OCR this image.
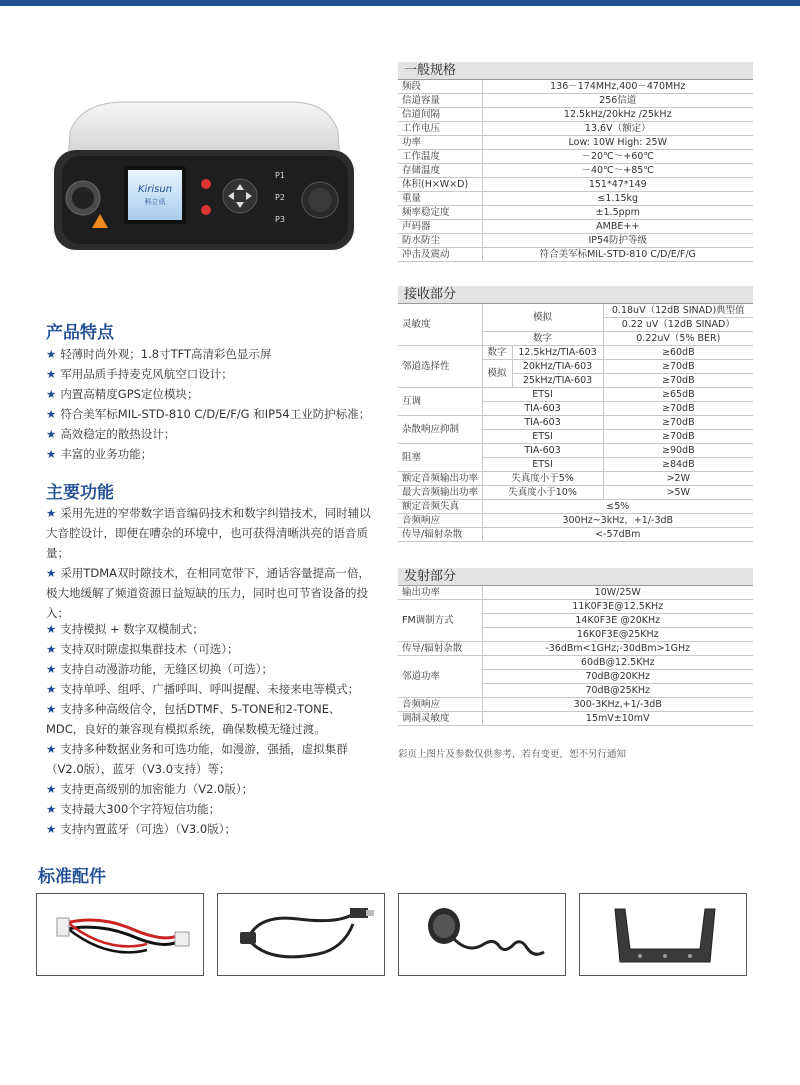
Kirisun
科立讯
P1
P2
P3
产品特点
★ 轻薄时尚外观；1.8寸TFT高清彩色显示屏
★ 军用品质手持麦克风航空口设计；
★ 内置高精度GPS定位模块；
★ 符合美军标MIL-STD-810 C/D/E/F/G 和IP54工业防护标准；
★ 高效稳定的散热设计；
★ 丰富的业务功能；
主要功能
★ 采用先进的窄带数字语音编码技术和数字纠错技术，同时辅以大音腔设计，即便在嘈杂的环境中，也可获得清晰洪亮的语音质量；
★ 采用TDMA双时隙技术，在相同宽带下，通话容量提高一倍，极大地缓解了频道资源日益短缺的压力，同时也可节省设备的投入；
★ 支持模拟 + 数字双模制式；
★ 支持双时隙虚拟集群技术（可选）；
★ 支持自动漫游功能，无缝区切换（可选）；
★ 支持单呼、组呼、广播呼叫、呼叫提醒、未接来电等模式；
★ 支持多种高级信令，包括DTMF、5-TONE和2-TONE、MDC，良好的兼容现有模拟系统，确保数模无缝过渡。
★ 支持多种数据业务和可选功能，如漫游，强插，虚拟集群（V2.0版），蓝牙（V3.0支持）等；
★ 支持更高级别的加密能力（V2.0版）；
★ 支持最大300个字符短信功能；
★ 支持内置蓝牙（可选）（V3.0版）；
一般规格
频段	136－174MHz,400－470MHz
信道容量	256信道
信道间隔	12.5kHz/20kHz /25kHz
工作电压	13.6V（额定）
功率	Low: 10W High: 25W
工作温度	－20℃～+60℃
存储温度	－40℃～+85℃
体积(H×W×D)	151*47*149
重量	≤1.15kg
频率稳定度	±1.5ppm
声码器	AMBE++
防水防尘	IP54防护等级
冲击及震动	符合美军标MIL-STD-810 C/D/E/F/G
接收部分
灵敏度	模拟		0.18uV（12dB SINAD)典型值
			0.22 uV（12dB SINAD）
	数字		0.22uV（5% BER)
邻道选择性	数字	12.5kHz/TIA-603	≥60dB
	模拟	20kHz/TIA-603	≥70dB
		25kHz/TIA-603	≥70dB
互调	ETSI		≥65dB
	TIA-603		≥70dB
杂散响应抑制	TIA-603		≥70dB
	ETSI		≥70dB
阻塞	TIA-603		≥90dB
	ETSI		≥84dB
额定音频输出功率	失真度小于5%		>2W
最大音频输出功率	失真度小于10%		>5W
额定音频失真	≤5%		
音频响应	300Hz~3kHz，+1/-3dB		
传导/辐射杂散	<-57dBm		
发射部分
输出功率	10W/25W
FM调制方式	11K0F3E@12.5KHz
	14K0F3E @20KHz
	16K0F3E@25KHz
传导/辐射杂散	-36dBm<1GHz;-30dBm>1GHz
邻道功率	60dB@12.5KHz
	70dB@20KHz
	70dB@25KHz
音频响应	300-3KHz,+1/-3dB
调制灵敏度	15mV±10mV
彩页上图片及参数仅供参考，若有变更，恕不另行通知
标准配件
